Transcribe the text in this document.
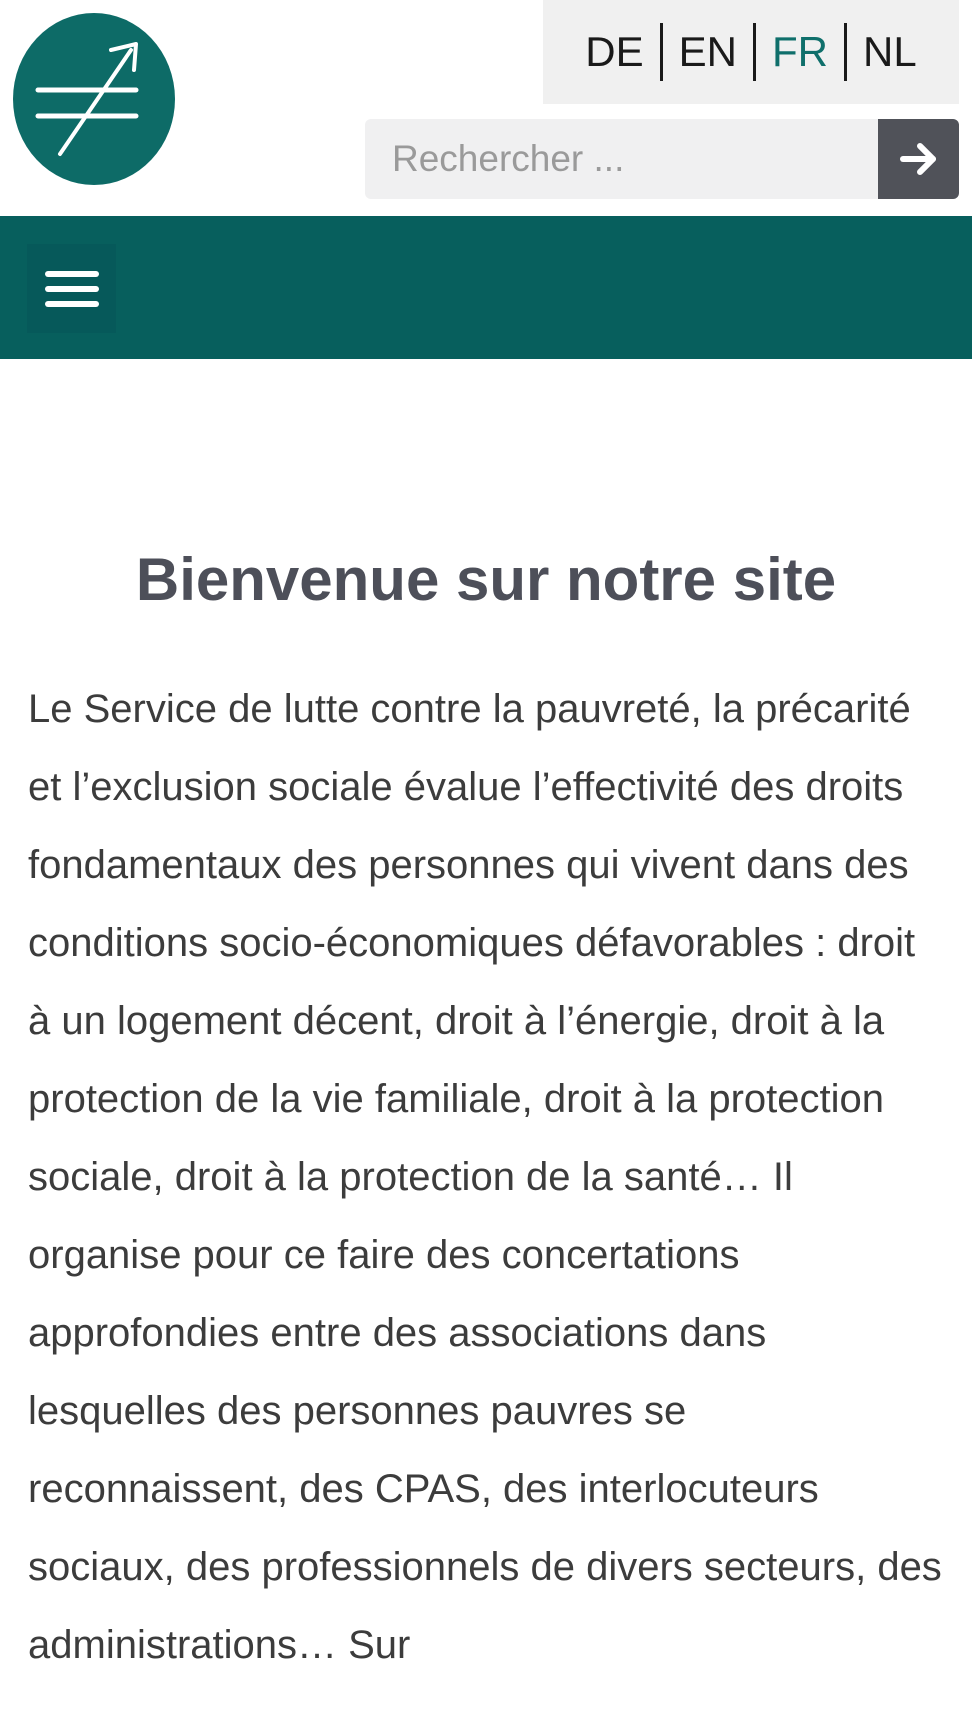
DE EN FR NL
Rechercher ...
Bienvenue sur notre site

Le Service de lutte contre la pauvreté, la précarité et l’exclusion sociale évalue l’effectivité des droits fondamentaux des personnes qui vivent dans des conditions socio-économiques défavorables : droit à un logement décent, droit à l’énergie, droit à la protection de la vie familiale, droit à la protection sociale, droit à la protection de la santé… Il organise pour ce faire des concertations approfondies entre des associations dans lesquelles des personnes pauvres se reconnaissent, des CPAS, des interlocuteurs sociaux, des professionnels de divers secteurs, des administrations… Sur
